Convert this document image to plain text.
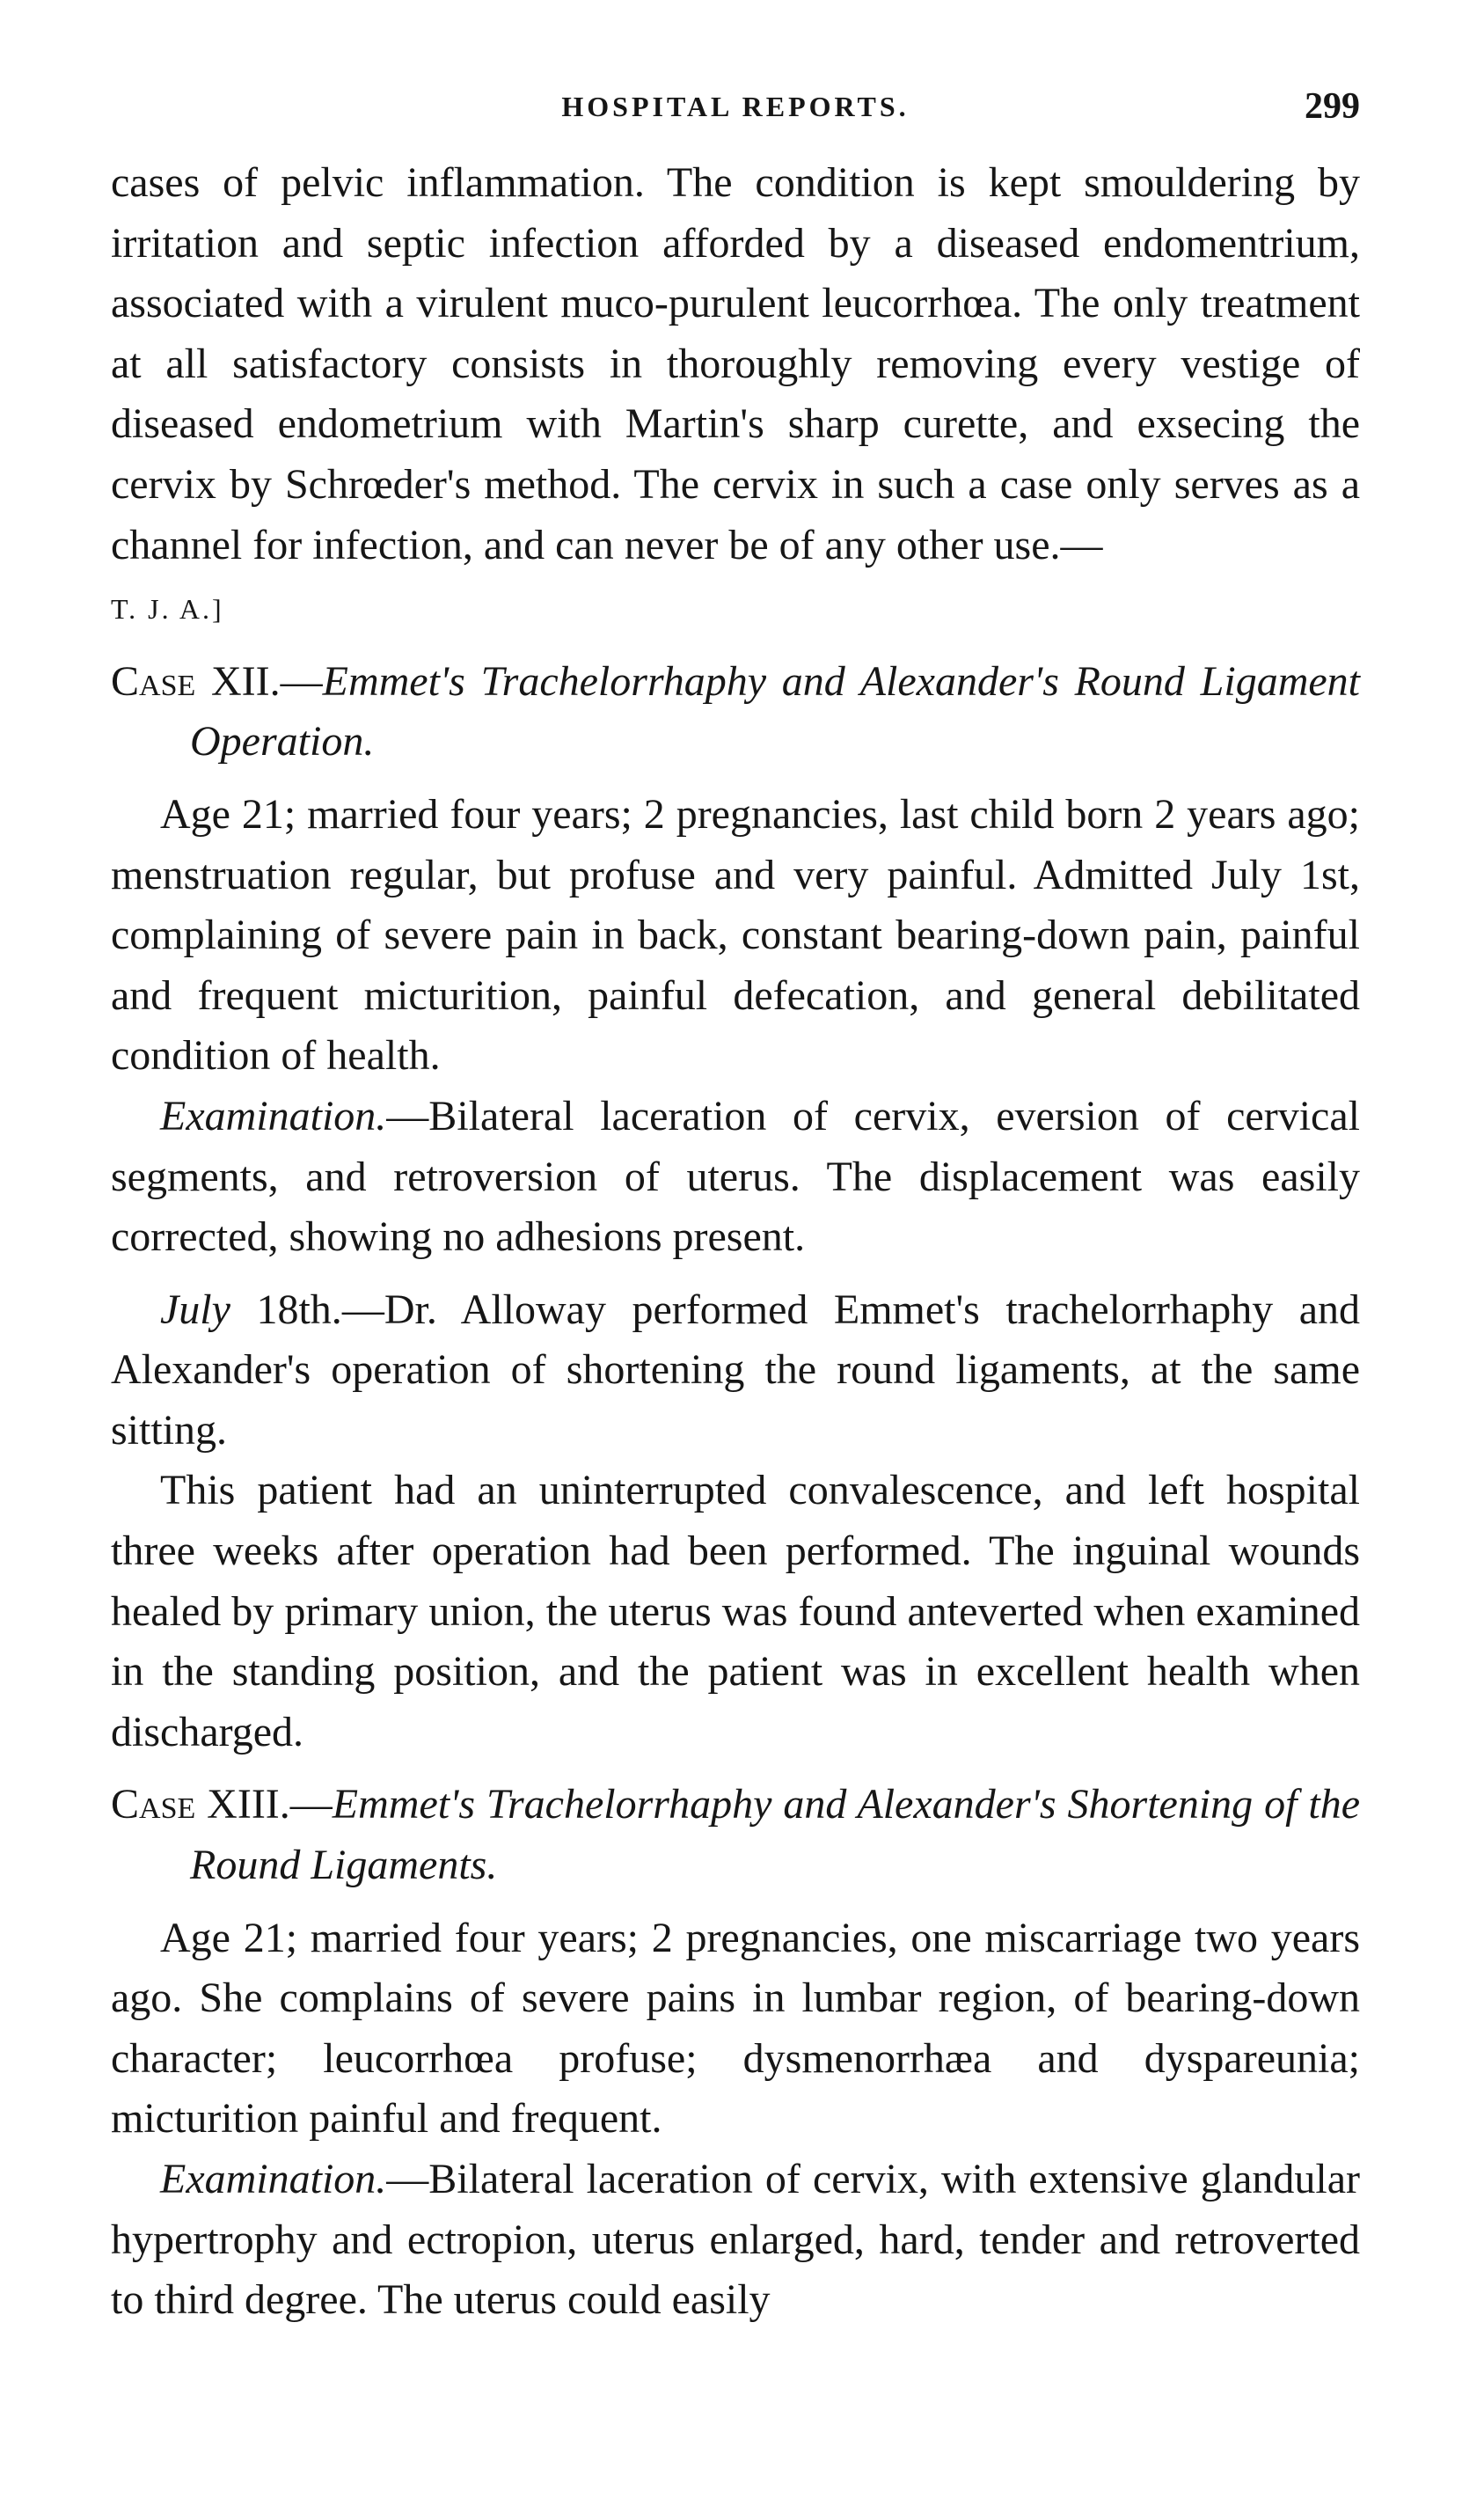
HOSPITAL REPORTS.	299

cases of pelvic inflammation. The condition is kept smouldering by irritation and septic infection afforded by a diseased endomentrium, associated with a virulent muco-purulent leucorrhœa. The only treatment at all satisfactory consists in thoroughly removing every vestige of diseased endometrium with Martin's sharp curette, and exsecing the cervix by Schrœder's method. The cervix in such a case only serves as a channel for infection, and can never be of any other use.—

T. J. A.]

Case XII.—Emmet's Trachelorrhaphy and Alexander's Round Ligament Operation.

Age 21; married four years; 2 pregnancies, last child born 2 years ago; menstruation regular, but profuse and very painful. Admitted July 1st, complaining of severe pain in back, constant bearing-down pain, painful and frequent micturition, painful defecation, and general debilitated condition of health.

Examination.—Bilateral laceration of cervix, eversion of cervical segments, and retroversion of uterus. The displacement was easily corrected, showing no adhesions present.

July 18th.—Dr. Alloway performed Emmet's trachelorrhaphy and Alexander's operation of shortening the round ligaments, at the same sitting.

This patient had an uninterrupted convalescence, and left hospital three weeks after operation had been performed. The inguinal wounds healed by primary union, the uterus was found anteverted when examined in the standing position, and the patient was in excellent health when discharged.

Case XIII.—Emmet's Trachelorrhaphy and Alexander's Shortening of the Round Ligaments.

Age 21; married four years; 2 pregnancies, one miscarriage two years ago. She complains of severe pains in lumbar region, of bearing-down character; leucorrhœa profuse; dysmenorrhæa and dyspareunia; micturition painful and frequent.

Examination.—Bilateral laceration of cervix, with extensive glandular hypertrophy and ectropion, uterus enlarged, hard, tender and retroverted to third degree. The uterus could easily
